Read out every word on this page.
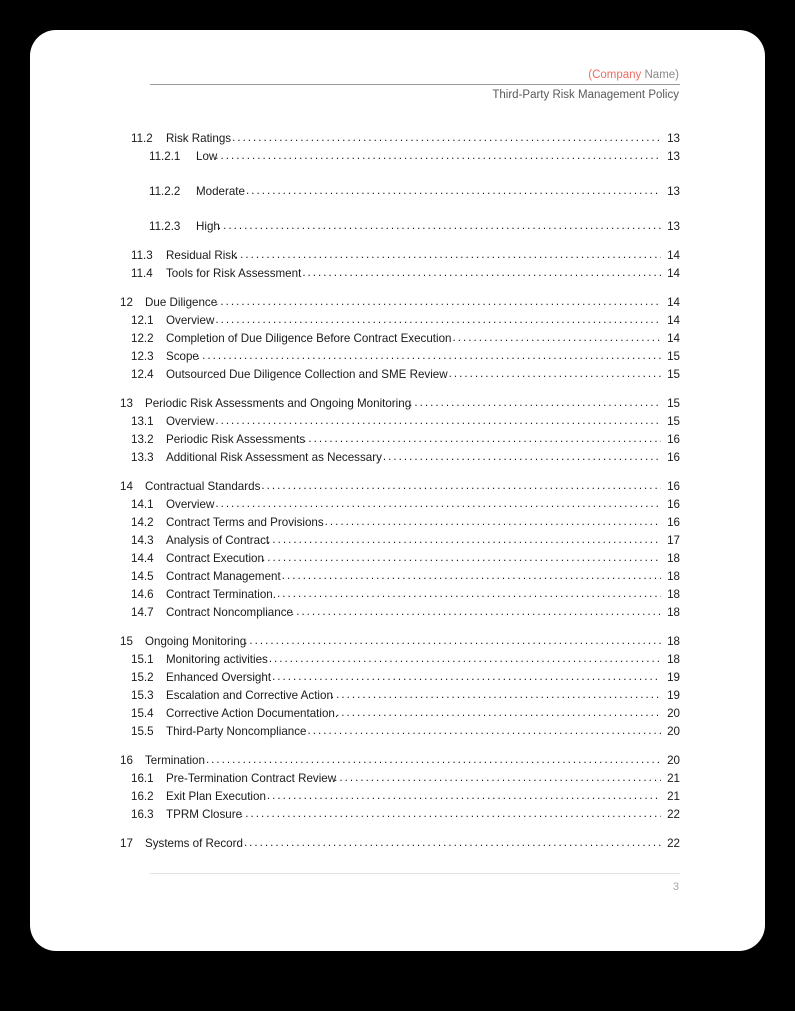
(Company Name)
Third-Party Risk Management Policy
11.2	Risk Ratings . . .	13
11.2.1	Low . . .	13
11.2.2	Moderate . . .	13
11.2.3	High . . .	13
11.3	Residual Risk . . .	14
11.4	Tools for Risk Assessment . . .	14
12	Due Diligence . . .	14
12.1	Overview . . .	14
12.2	Completion of Due Diligence Before Contract Execution . . .	14
12.3	Scope . . .	15
12.4	Outsourced Due Diligence Collection and SME Review . . .	15
13	Periodic Risk Assessments and Ongoing Monitoring . . .	15
13.1	Overview . . .	15
13.2	Periodic Risk Assessments . . .	16
13.3	Additional Risk Assessment as Necessary . . .	16
14	Contractual Standards . . .	16
14.1	Overview . . .	16
14.2	Contract Terms and Provisions . . .	16
14.3	Analysis of Contract . . .	17
14.4	Contract Execution . . .	18
14.5	Contract Management . . .	18
14.6	Contract Termination. . . .	18
14.7	Contract Noncompliance . . .	18
15	Ongoing Monitoring . . .	18
15.1	Monitoring activities . . .	18
15.2	Enhanced Oversight . . .	19
15.3	Escalation and Corrective Action . . .	19
15.4	Corrective Action Documentation. . . .	20
15.5	Third-Party Noncompliance . . .	20
16	Termination . . .	20
16.1	Pre-Termination Contract Review . . .	21
16.2	Exit Plan Execution . . .	21
16.3	TPRM Closure . . .	22
17	Systems of Record . . .	22
3
